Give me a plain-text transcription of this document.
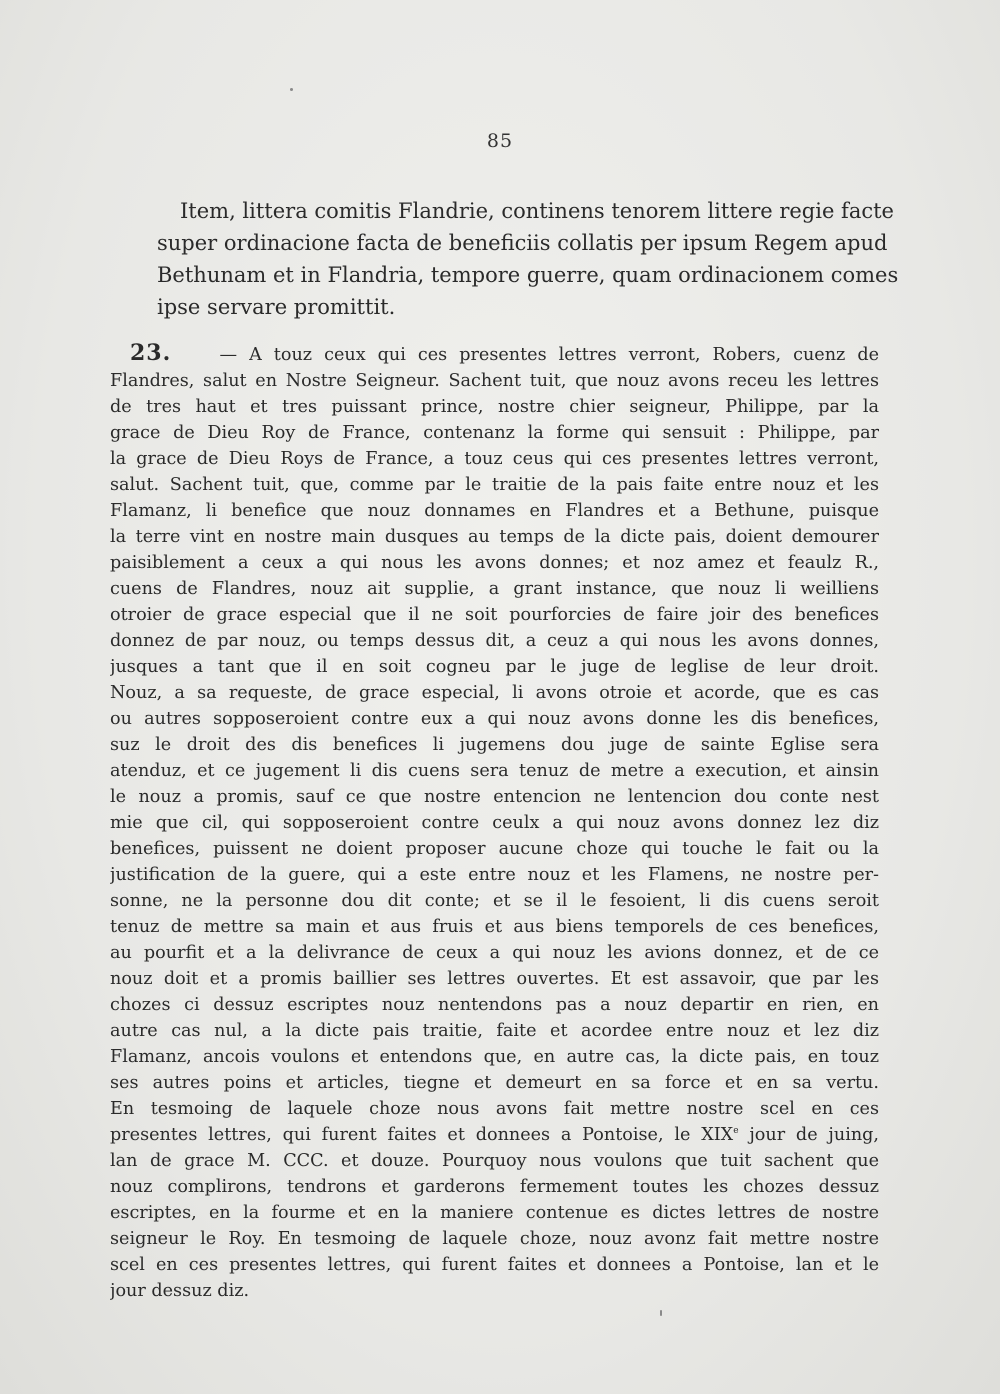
85
Item, littera comitis Flandrie, continens tenorem littere regie facte
super ordinacione facta de beneficiis collatis per ipsum Regem apud
Bethunam et in Flandria, tempore guerre, quam ordinacionem comes
ipse servare promittit.
23.	— A touz ceux qui ces presentes lettres verront, Robers, cuenz de
Flandres, salut en Nostre Seigneur. Sachent tuit, que nouz avons receu les lettres
de tres haut et tres puissant prince, nostre chier seigneur, Philippe, par la
grace de Dieu Roy de France, contenanz la forme qui sensuit : Philippe, par
la grace de Dieu Roys de France, a touz ceus qui ces presentes lettres verront,
salut. Sachent tuit, que, comme par le traitie de la pais faite entre nouz et les
Flamanz, li benefice que nouz donnames en Flandres et a Bethune, puisque
la terre vint en nostre main dusques au temps de la dicte pais, doient demourer
paisiblement a ceux a qui nous les avons donnes; et noz amez et feaulz R.,
cuens de Flandres, nouz ait supplie, a grant instance, que nouz li weilliens
otroier de grace especial que il ne soit pourforcies de faire joir des benefices
donnez de par nouz, ou temps dessus dit, a ceuz a qui nous les avons donnes,
jusques a tant que il en soit cogneu par le juge de leglise de leur droit.
Nouz, a sa requeste, de grace especial, li avons otroie et acorde, que es cas
ou autres sopposeroient contre eux a qui nouz avons donne les dis benefices,
suz le droit des dis benefices li jugemens dou juge de sainte Eglise sera
atenduz, et ce jugement li dis cuens sera tenuz de metre a execution, et ainsin
le nouz a promis, sauf ce que nostre entencion ne lentencion dou conte nest
mie que cil, qui sopposeroient contre ceulx a qui nouz avons donnez lez diz
benefices, puissent ne doient proposer aucune choze qui touche le fait ou la
justification de la guere, qui a este entre nouz et les Flamens, ne nostre per-
sonne, ne la personne dou dit conte; et se il le fesoient, li dis cuens seroit
tenuz de mettre sa main et aus fruis et aus biens temporels de ces benefices,
au pourfit et a la delivrance de ceux a qui nouz les avions donnez, et de ce
nouz doit et a promis baillier ses lettres ouvertes. Et est assavoir, que par les
chozes ci dessuz escriptes nouz nentendons pas a nouz departir en rien, en
autre cas nul, a la dicte pais traitie, faite et acordee entre nouz et lez diz
Flamanz, ancois voulons et entendons que, en autre cas, la dicte pais, en touz
ses autres poins et articles, tiegne et demeurt en sa force et en sa vertu.
En tesmoing de laquele choze nous avons fait mettre nostre scel en ces
presentes lettres, qui furent faites et donnees a Pontoise, le XIXe jour de juing,
lan de grace M. CCC. et douze. Pourquoy nous voulons que tuit sachent que
nouz complirons, tendrons et garderons fermement toutes les chozes dessuz
escriptes, en la fourme et en la maniere contenue es dictes lettres de nostre
seigneur le Roy. En tesmoing de laquele choze, nouz avonz fait mettre nostre
scel en ces presentes lettres, qui furent faites et donnees a Pontoise, lan et le
jour dessuz diz.
